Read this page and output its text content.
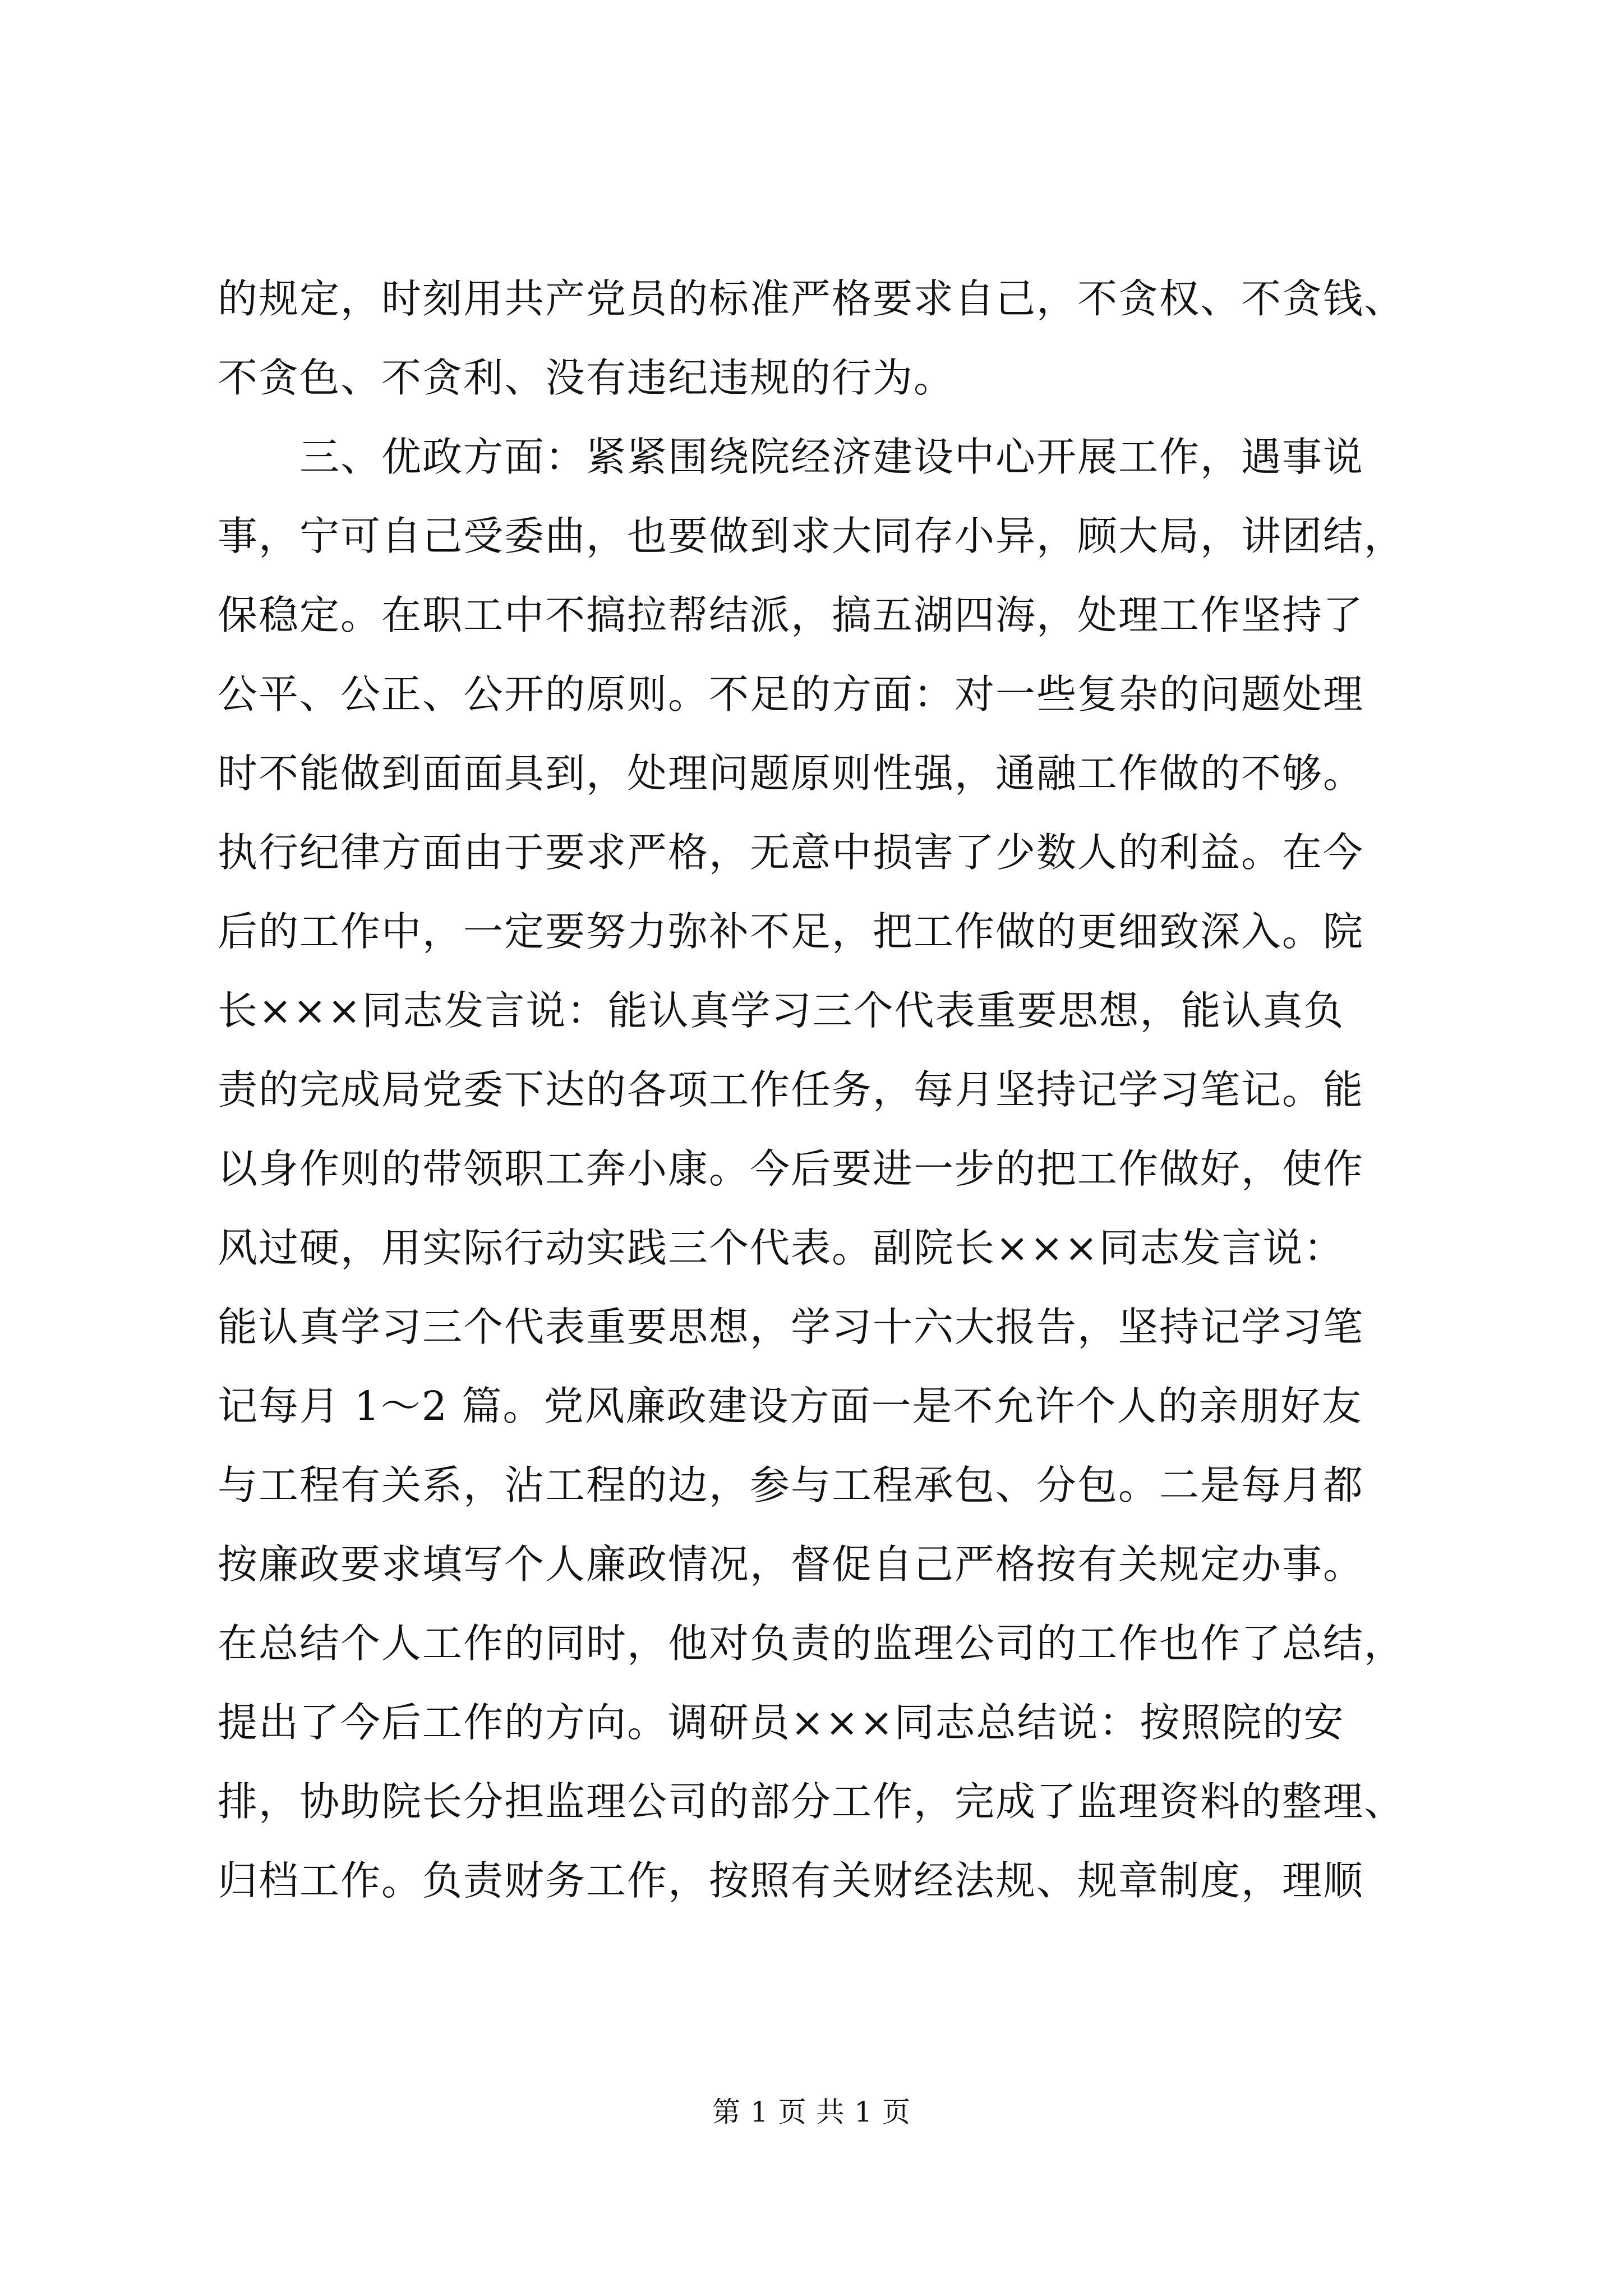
的规定，时刻用共产党员的标准严格要求自己，不贪权、不贪钱、
不贪色、不贪利、没有违纪违规的行为。
　　三、优政方面：紧紧围绕院经济建设中心开展工作，遇事说
事，宁可自己受委曲，也要做到求大同存小异，顾大局，讲团结，
保稳定。在职工中不搞拉帮结派，搞五湖四海，处理工作坚持了
公平、公正、公开的原则。不足的方面：对一些复杂的问题处理
时不能做到面面具到，处理问题原则性强，通融工作做的不够。
执行纪律方面由于要求严格，无意中损害了少数人的利益。在今
后的工作中，一定要努力弥补不足，把工作做的更细致深入。院
长×××同志发言说：能认真学习三个代表重要思想，能认真负
责的完成局党委下达的各项工作任务，每月坚持记学习笔记。能
以身作则的带领职工奔小康。今后要进一步的把工作做好，使作
风过硬，用实际行动实践三个代表。副院长×××同志发言说：
能认真学习三个代表重要思想，学习十六大报告，坚持记学习笔
记每月 1～2 篇。党风廉政建设方面一是不允许个人的亲朋好友
与工程有关系，沾工程的边，参与工程承包、分包。二是每月都
按廉政要求填写个人廉政情况，督促自己严格按有关规定办事。
在总结个人工作的同时，他对负责的监理公司的工作也作了总结，
提出了今后工作的方向。调研员×××同志总结说：按照院的安
排，协助院长分担监理公司的部分工作，完成了监理资料的整理、
归档工作。负责财务工作，按照有关财经法规、规章制度，理顺
第 1 页 共 1 页
